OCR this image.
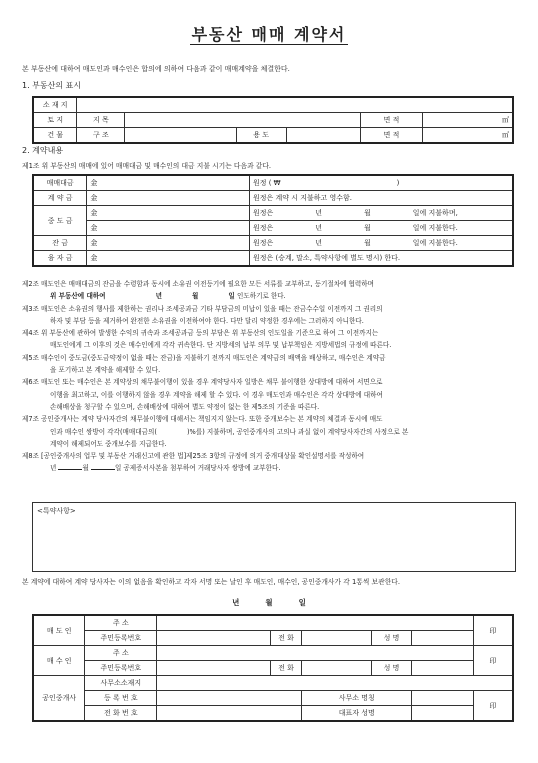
부동산 매매 계약서
본 부동산에 대하여 매도인과 매수인은 합의에 의하여 다음과 같이 매매계약을 체결한다.
1. 부동산의 표시
소 재 지						
토 지	지 목				면 적	㎡
건 물	구 조		용 도		면 적	㎡
2. 계약내용
제1조 위 부동산의 매매에 있어 매매대금 및 매수인의 대금 지불 시기는 다음과 같다.
매매대금	金	원정 ( ₩ )
계 약 금	金	원정은 계약 시 지불하고 영수함.
중 도 금	金	원정은 년 월 일에 지불하며,
	金	원정은 년 월 일에 지불한다.
잔 금	金	원정은 년 월 일에 지불한다.
융 자 금	金	원정은 (승계, 말소, 특약사항에 별도 명시) 한다.
제2조 매도인은 매매대금의 잔금을 수령함과 동시에 소유권 이전등기에 필요한 모든 서류를 교부하고, 등기절차에 협력하며
위 부동산에 대하여	년	월	일 인도하기로 한다.
제3조 매도인은 소유권의 행사를 제한하는 권리나 조세공과금 기타 부담금의 미납이 있을 때는 잔금수수일 이전까지 그 권리의
하자 및 부담 등을 제거하여 완전한 소유권을 이전하여야 한다. 다만 달리 약정한 경우에는 그러하지 아니한다.
제4조 위 부동산에 관하여 발생한 수익의 귀속과 조세공과금 등의 부담은 위 부동산의 인도일을 기준으로 하여 그 이전까지는
매도인에게 그 이후의 것은 매수인에게 각각 귀속한다. 단 지방세의 납부 의무 및 납부책임은 지방세법의 규정에 따른다.
제5조 매수인이 중도금(중도금약정이 없을 때는 잔금)을 지불하기 전까지 매도인은 계약금의 배액을 배상하고, 매수인은 계약금
을 포기하고 본 계약을 해제할 수 있다.
제6조 매도인 또는 매수인은 본 계약상의 채무불이행이 있을 경우 계약당사자 일방은 채무 불이행한 상대방에 대하여 서면으로
이행을 최고하고, 이를 이행하지 않을 경우 계약을 해제 할 수 있다. 이 경우 매도인과 매수인은 각각 상대방에 대하여
손해배상을 청구할 수 있으며, 손해배상에 대하여 별도 약정이 없는 한 제5조의 기준을 따른다.
제7조 공인중개사는 계약 당사자간의 채무불이행에 대해서는 책임지지 않는다. 또한 중개보수는 본 계약의 체결과 동시에 매도
인과 매수인 쌍방이 각각(매매대금의(	)%를) 지불하며, 공인중개사의 고의나 과실 없이 계약당사자간의 사정으로 본
계약이 해제되어도 중개보수를 지급한다.
제8조 [공인중개사의 업무 및 부동산 거래신고에 관한 법]제25조 3항의 규정에 의거 중개대상물 확인설명서를 작성하여
년	월	일 공제증서사본을 첨부하여 거래당사자 쌍방에 교부한다.
<특약사항>
본 계약에 대하여 계약 당사자는 이의 없음을 확인하고 각자 서명 또는 날인 후 매도인, 매수인, 공인중개사가 각 1통씩 보관한다.
년	월	일
매 도 인	주 소						印
	주민등록번호		전 화		성 명		
매 수 인	주 소						印
	주민등록번호		전 화		성 명		
공인중개사	사무소소재지						
	등 록 번 호			사무소 명칭			印
	전 화 번 호			대표자 성명			
